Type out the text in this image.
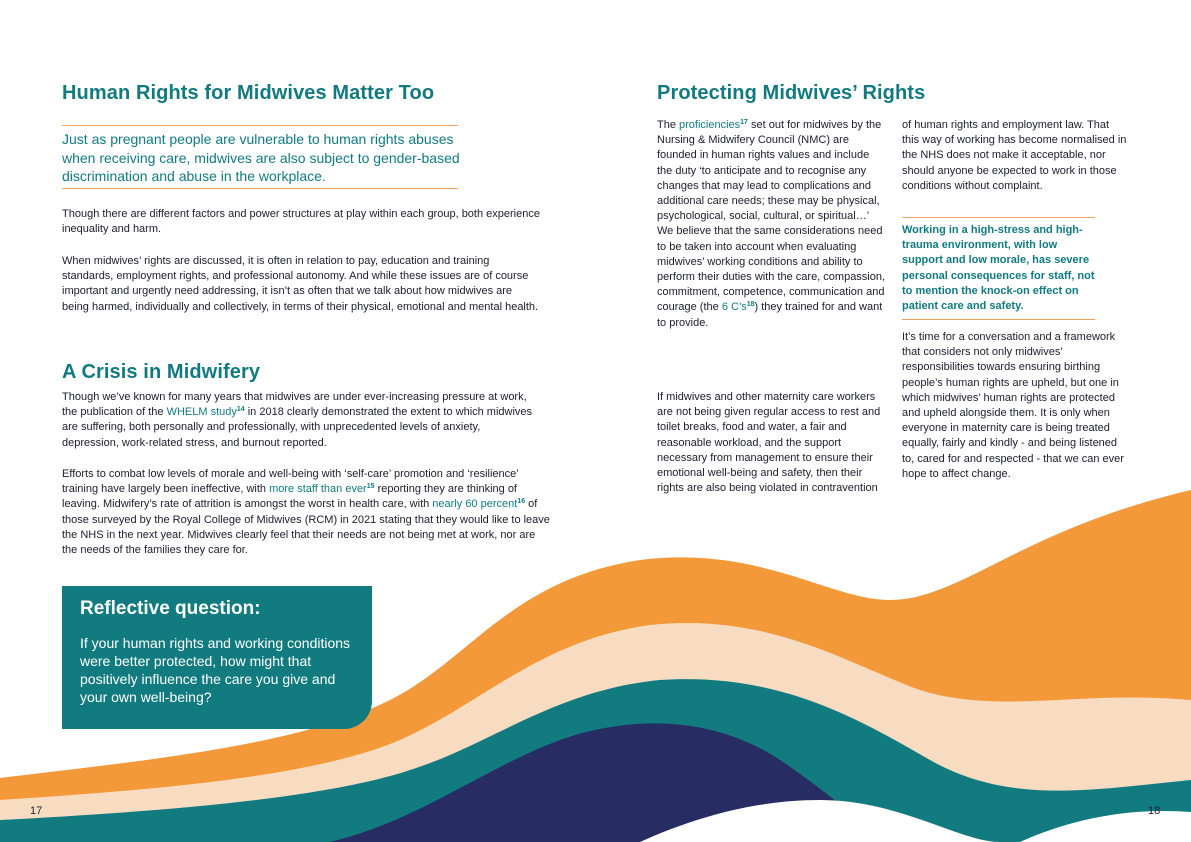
Human Rights for Midwives Matter Too

Just as pregnant people are vulnerable to human rights abuses when receiving care, midwives are also subject to gender-based discrimination and abuse in the workplace.

Though there are different factors and power structures at play within each group, both experience inequality and harm.

When midwives’ rights are discussed, it is often in relation to pay, education and training standards, employment rights, and professional autonomy. And while these issues are of course important and urgently need addressing, it isn’t as often that we talk about how midwives are being harmed, individually and collectively, in terms of their physical, emotional and mental health.

A Crisis in Midwifery

Though we’ve known for many years that midwives are under ever-increasing pressure at work, the publication of the WHELM study$^{14}$ in 2018 clearly demonstrated the extent to which midwives are suffering, both personally and professionally, with unprecedented levels of anxiety, depression, work-related stress, and burnout reported.

Efforts to combat low levels of morale and well-being with ‘self-care’ promotion and ‘resilience’ training have largely been ineffective, with more staff than ever$^{15}$ reporting they are thinking of leaving. Midwifery’s rate of attrition is amongst the worst in health care, with nearly 60 percent$^{16}$ of those surveyed by the Royal College of Midwives (RCM) in 2021 stating that they would like to leave the NHS in the next year. Midwives clearly feel that their needs are not being met at work, nor are the needs of the families they care for.

Reflective question:

If your human rights and working conditions were better protected, how might that positively influence the care you give and your own well-being?

17
Protecting Midwives’ Rights

The proficiencies$^{17}$ set out for midwives by the Nursing & Midwifery Council (NMC) are founded in human rights values and include the duty ‘to anticipate and to recognise any changes that may lead to complications and additional care needs; these may be physical, psychological, social, cultural, or spiritual…’ We believe that the same considerations need to be taken into account when evaluating midwives’ working conditions and ability to perform their duties with the care, compassion, commitment, competence, communication and courage (the 6 $C’s^{18}$) they trained for and want to provide.

If midwives and other maternity care workers are not being given regular access to rest and toilet breaks, food and water, a fair and reasonable workload, and the support necessary from management to ensure their emotional well-being and safety, then their rights are also being violated in contravention

of human rights and employment law. That this way of working has become normalised in the NHS does not make it acceptable, nor should anyone be expected to work in those conditions without complaint.

Working in a high-stress and high-trauma environment, with low support and low morale, has severe personal consequences for staff, not to mention the knock-on effect on patient care and safety.

It’s time for a conversation and a framework that considers not only midwives’ responsibilities towards ensuring birthing people’s human rights are upheld, but one in which midwives’ human rights are protected and upheld alongside them. It is only when everyone in maternity care is being treated equally, fairly and kindly - and being listened to, cared for and respected - that we can ever hope to affect change.

18
